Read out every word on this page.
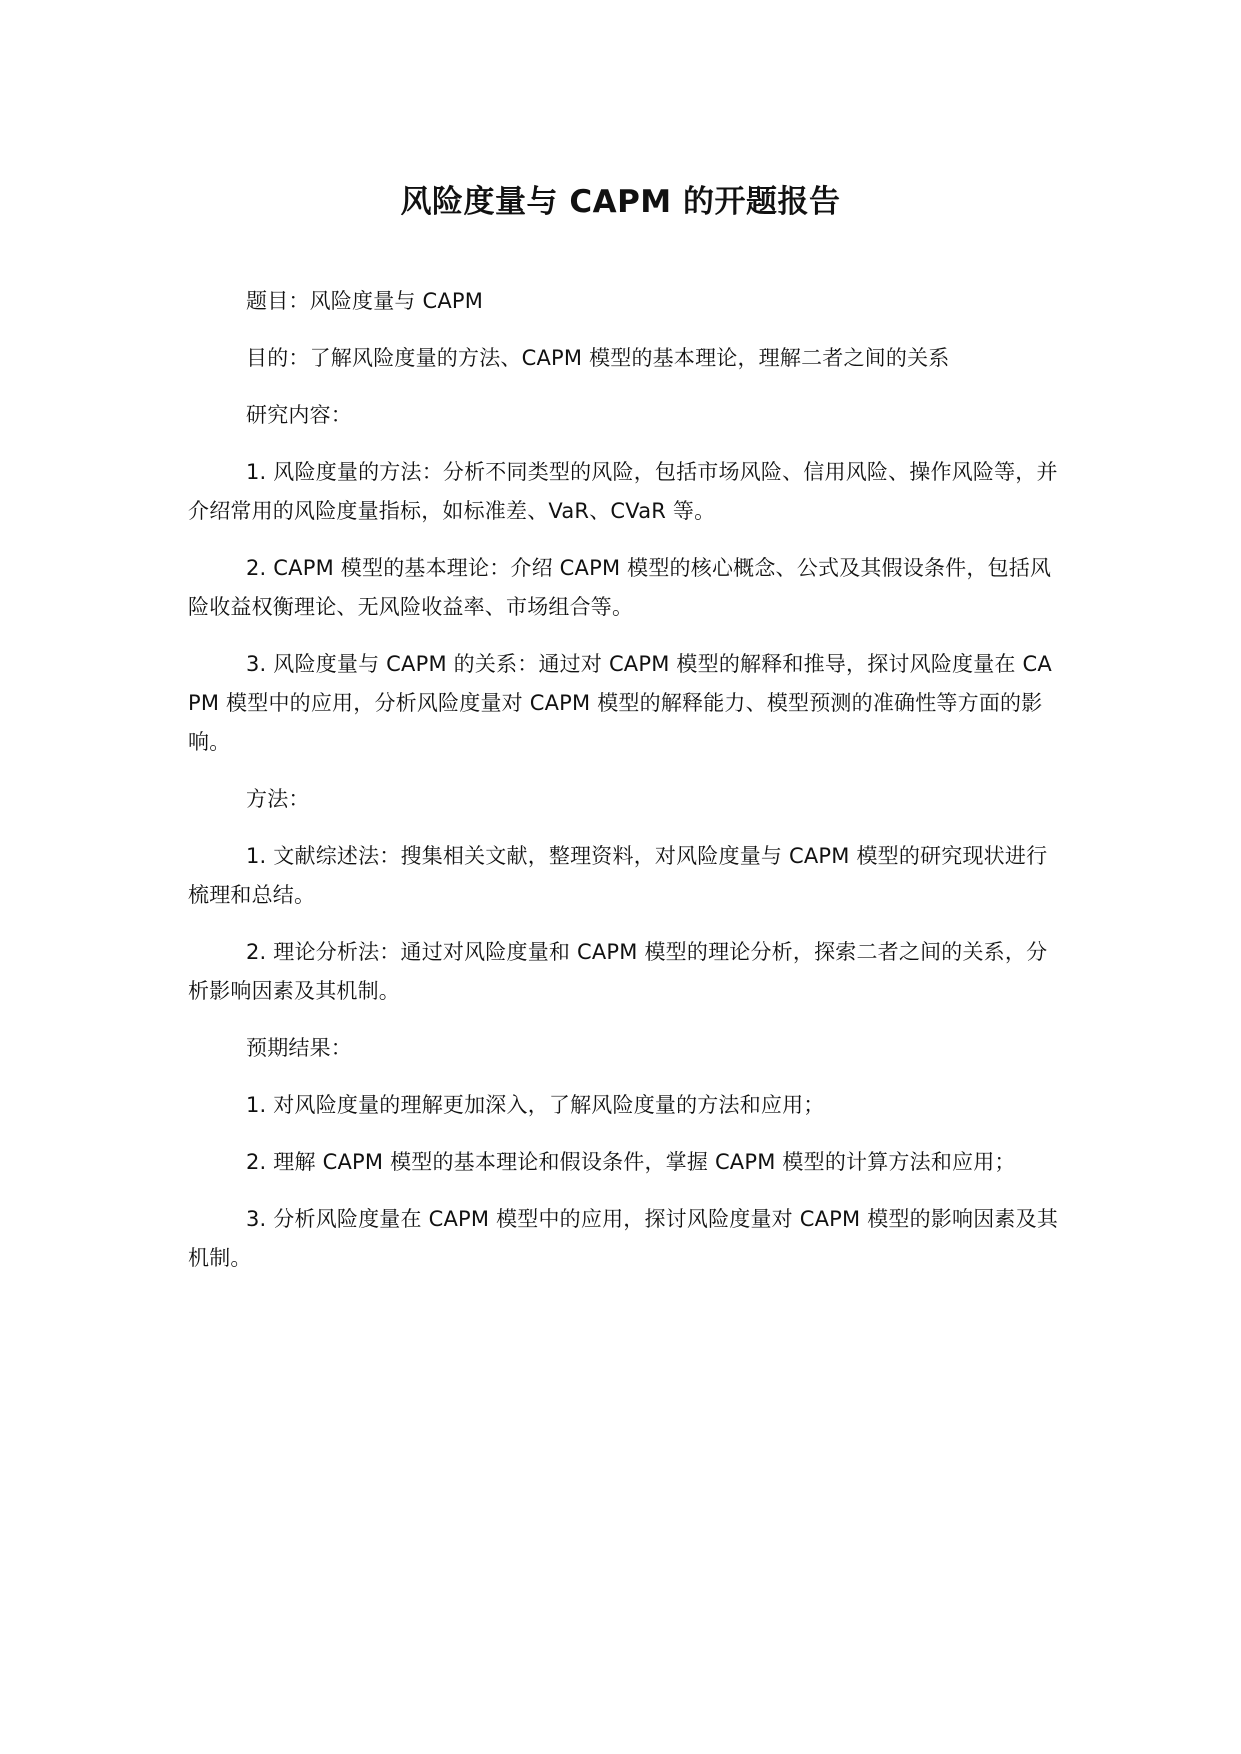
风险度量与 CAPM 的开题报告

题目：风险度量与 CAPM

目的：了解风险度量的方法、CAPM 模型的基本理论，理解二者之间的关系

研究内容：

1. 风险度量的方法：分析不同类型的风险，包括市场风险、信用风险、操作风险等，并介绍常用的风险度量指标，如标准差、VaR、CVaR 等。

2. CAPM 模型的基本理论：介绍 CAPM 模型的核心概念、公式及其假设条件，包括风险收益权衡理论、无风险收益率、市场组合等。

3. 风险度量与 CAPM 的关系：通过对 CAPM 模型的解释和推导，探讨风险度量在 CAPM 模型中的应用，分析风险度量对 CAPM 模型的解释能力、模型预测的准确性等方面的影响。

方法：

1. 文献综述法：搜集相关文献，整理资料，对风险度量与 CAPM 模型的研究现状进行梳理和总结。

2. 理论分析法：通过对风险度量和 CAPM 模型的理论分析，探索二者之间的关系，分析影响因素及其机制。

预期结果：

1. 对风险度量的理解更加深入，了解风险度量的方法和应用；

2. 理解 CAPM 模型的基本理论和假设条件，掌握 CAPM 模型的计算方法和应用；

3. 分析风险度量在 CAPM 模型中的应用，探讨风险度量对 CAPM 模型的影响因素及其机制。
